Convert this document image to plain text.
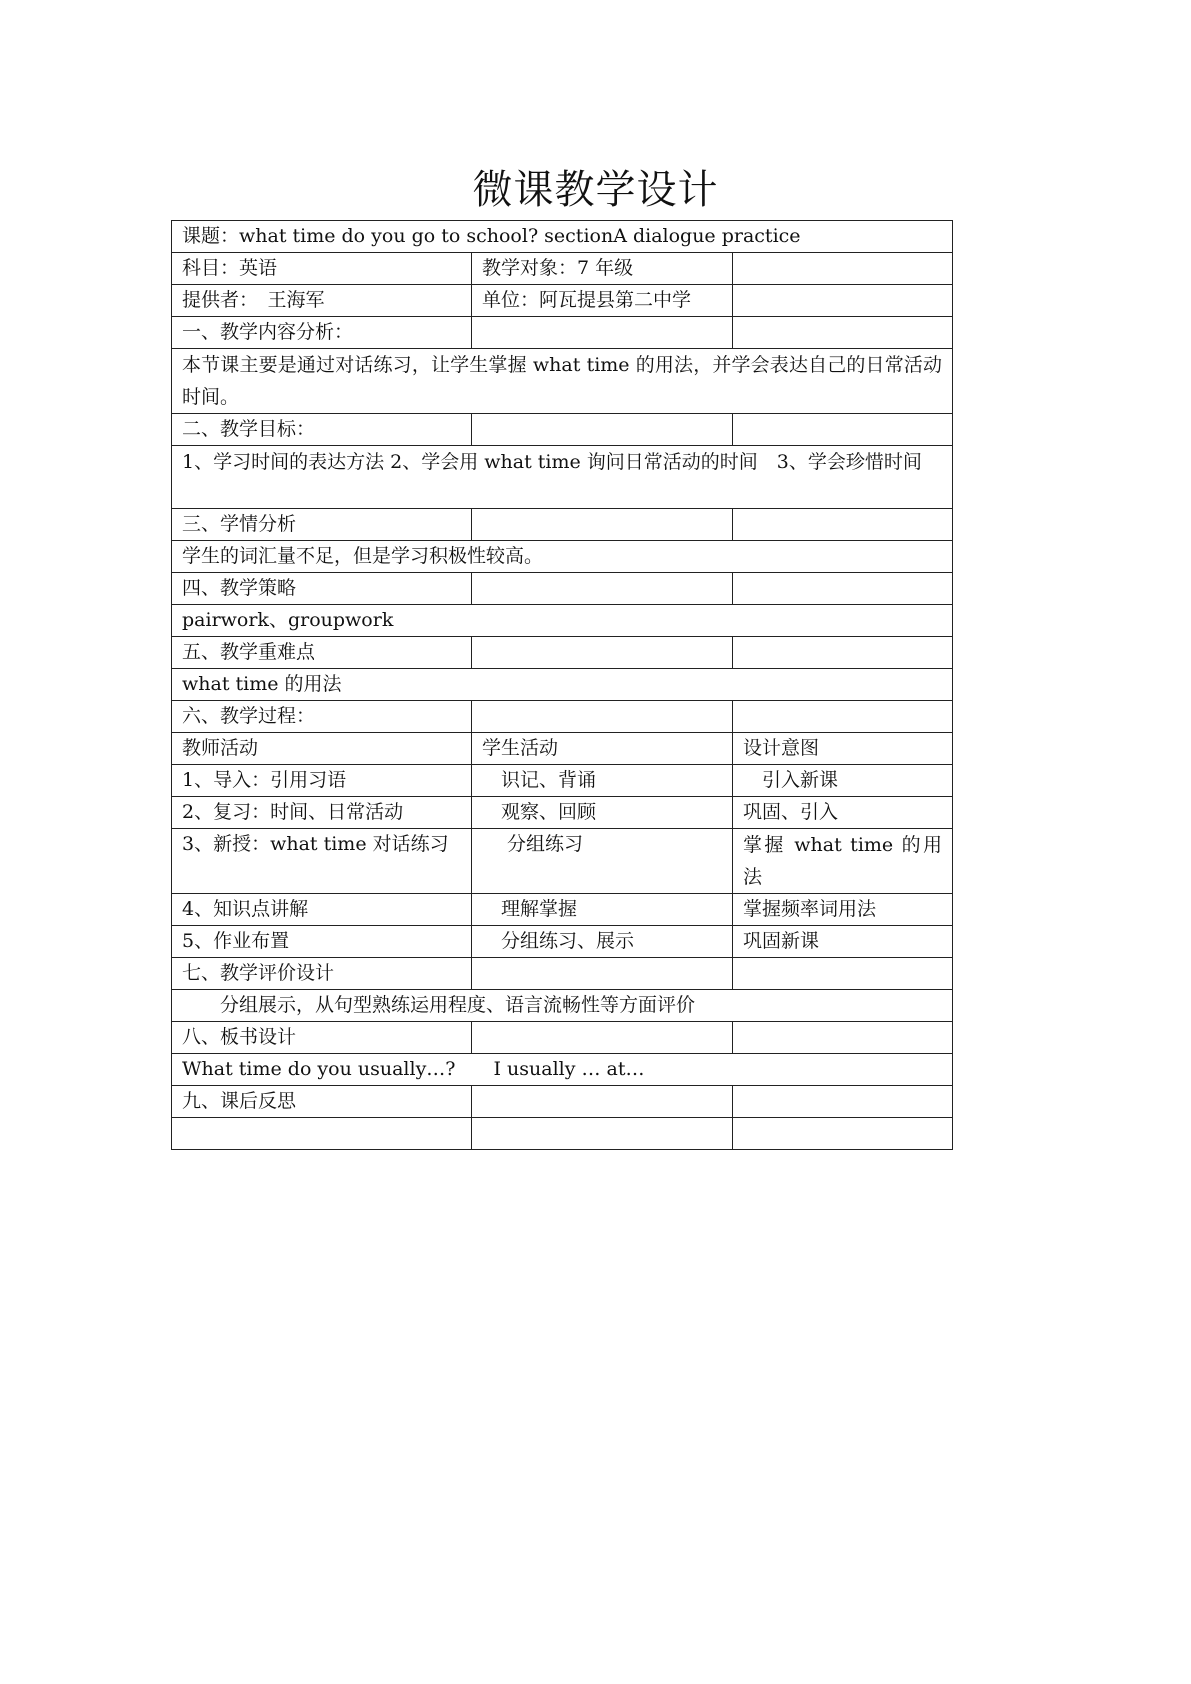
微课教学设计
课题：what time do you go to school? sectionA dialogue practice		
科目：英语	教学对象：7 年级	
提供者：　王海军	单位：阿瓦提县第二中学	
一、教学内容分析：		
本节课主要是通过对话练习，让学生掌握 what time 的用法，并学会表达自己的日常活动时间。		
二、教学目标：		
1、学习时间的表达方法 2、学会用 what time 询问日常活动的时间　3、学会珍惜时间		
三、学情分析		
学生的词汇量不足，但是学习积极性较高。		
四、教学策略		
pairwork、groupwork		
五、教学重难点		
what time 的用法		
六、教学过程：		
教师活动	学生活动	设计意图
1、导入：引用习语	　识记、背诵	　引入新课
2、复习：时间、日常活动	　观察、回顾	巩固、引入
3、新授：what time 对话练习	　 分组练习	掌握 what time 的用法
4、知识点讲解	　理解掌握	掌握频率词用法
5、作业布置	　分组练习、展示	巩固新课
七、教学评价设计		
　　分组展示，从句型熟练运用程度、语言流畅性等方面评价		
八、板书设计		
What time do you usually…?　　I usually … at…		
九、课后反思		
